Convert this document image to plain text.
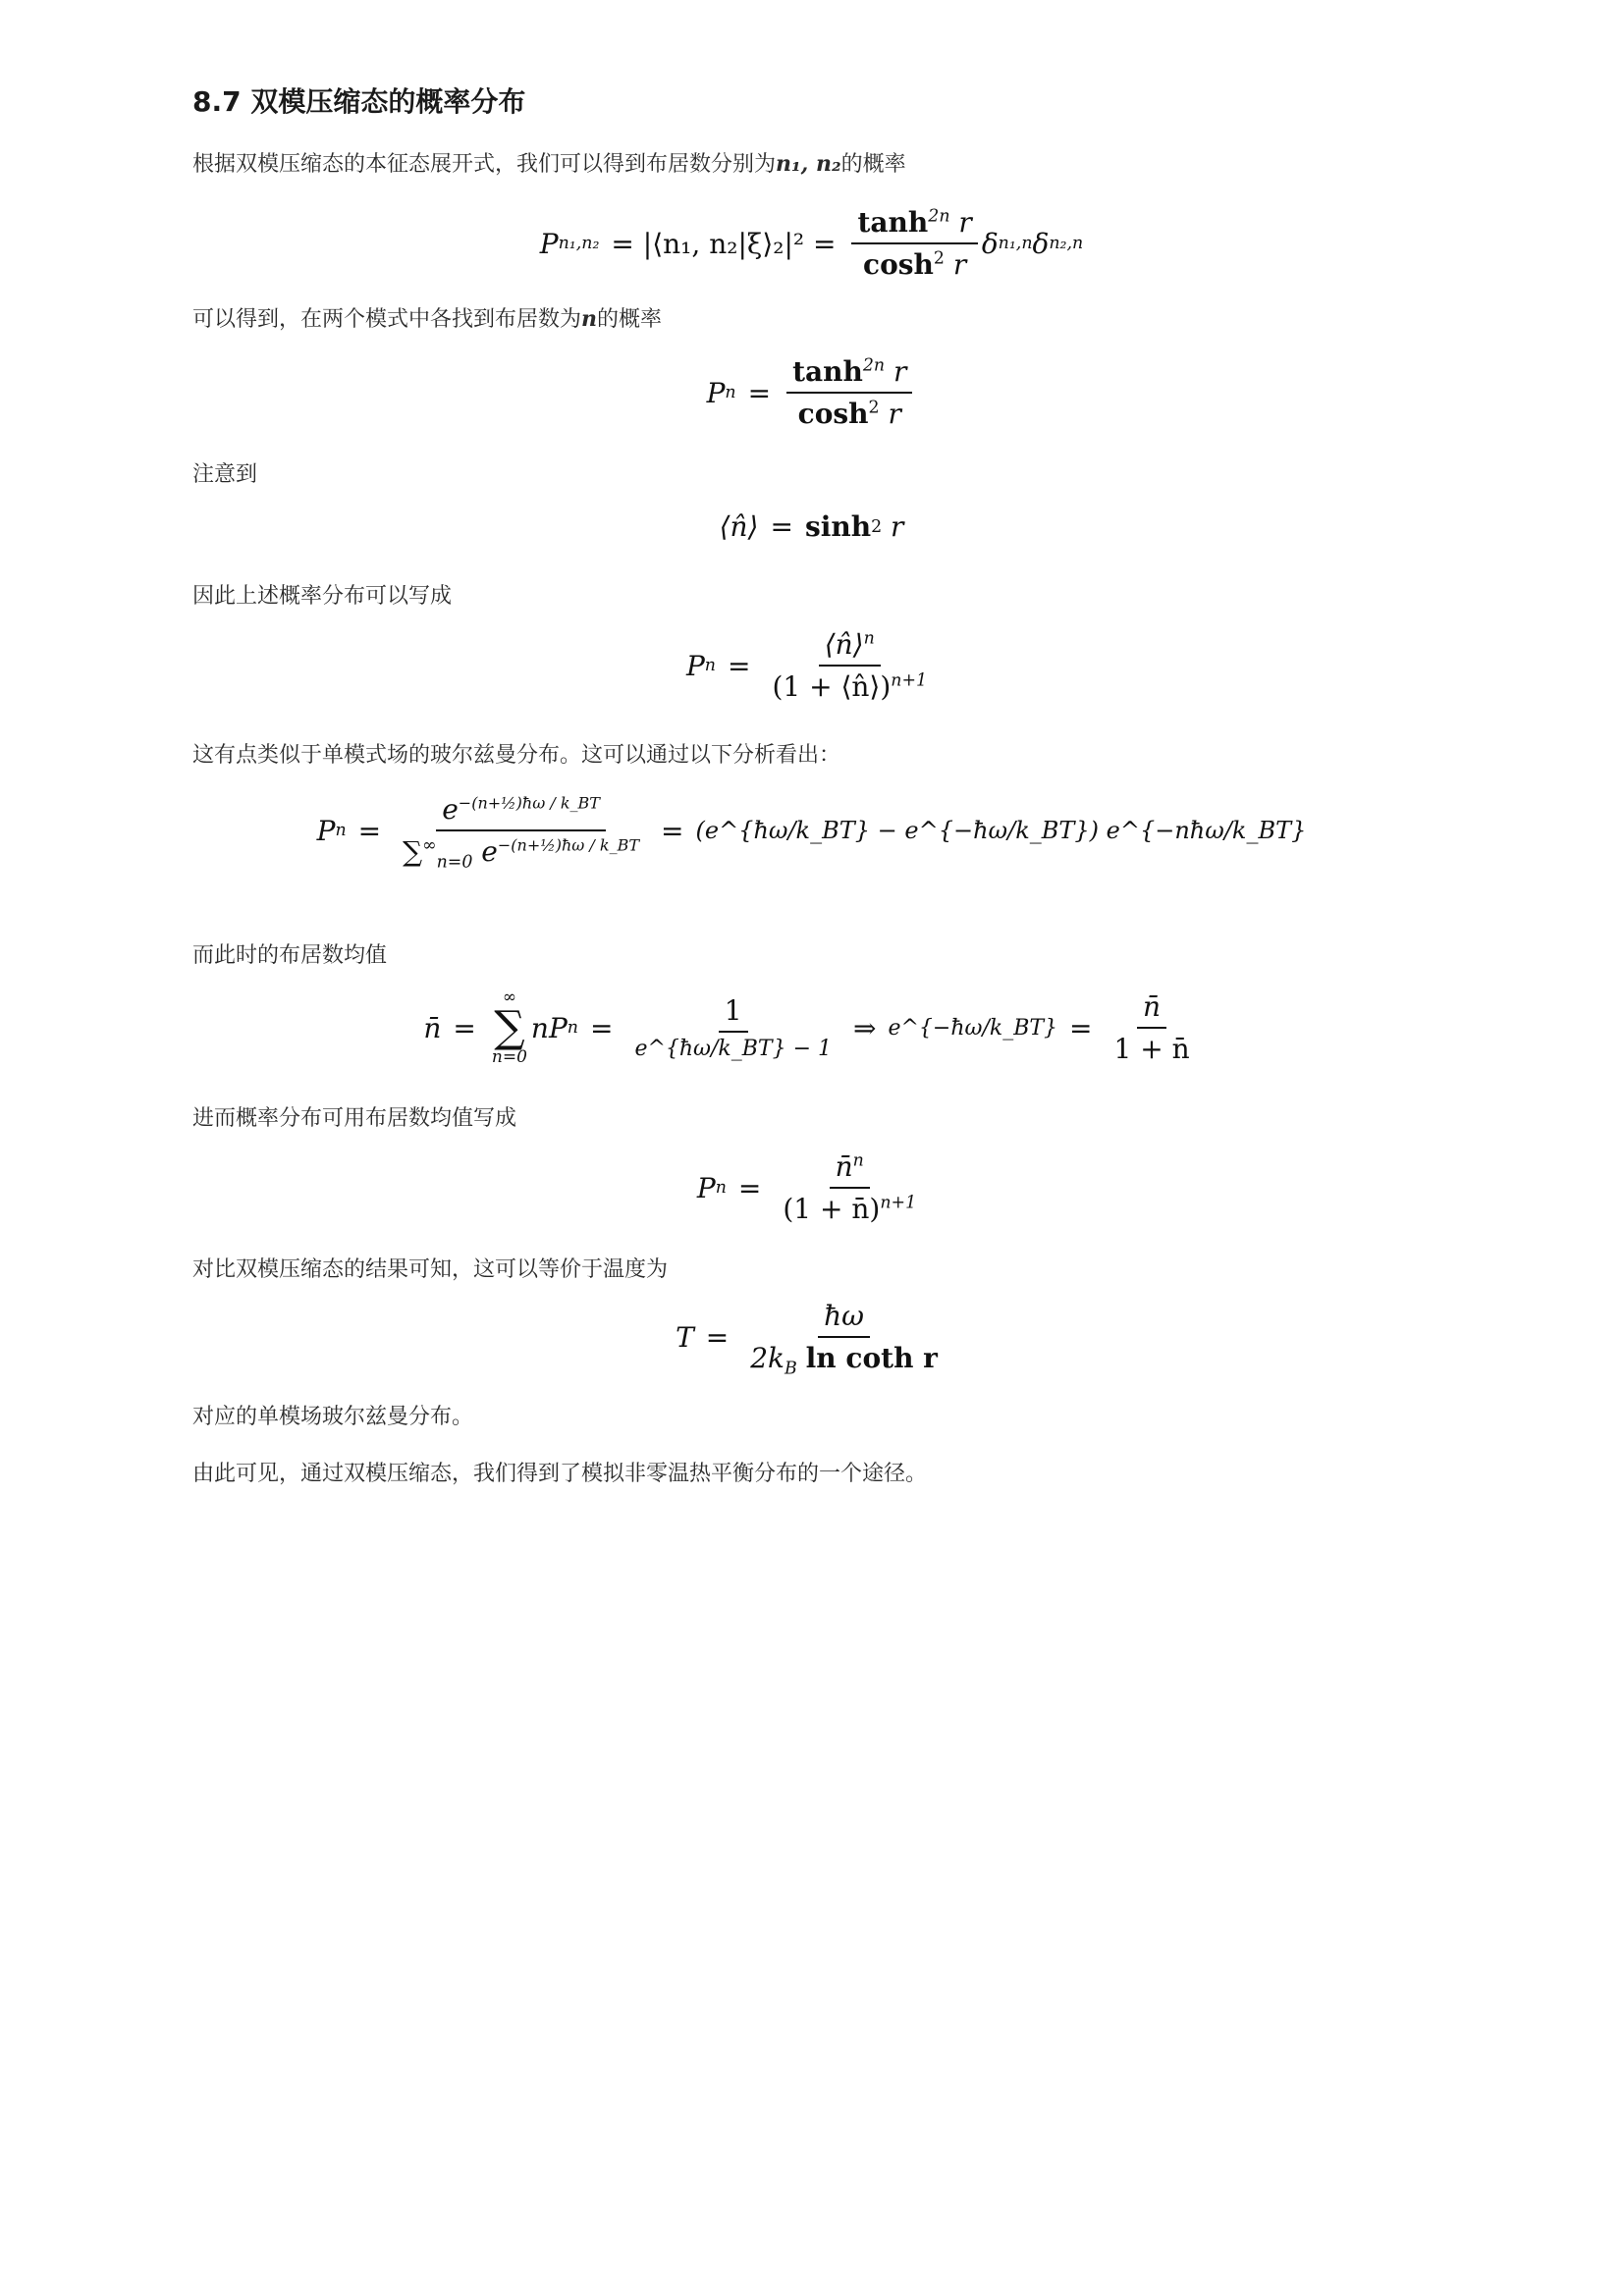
8.7 双模压缩态的概率分布
根据双模压缩态的本征态展开式，我们可以得到布居数分别为n₁, n₂的概率
P n₁,n₂ = |⟨n₁, n₂|ξ⟩₂|² = $\frac{\tanh^{2n} r}{\cosh^2 r}$ δ n₁,n δ n₂,n
可以得到，在两个模式中各找到布居数为n的概率
P $n = \frac{\tanh^{2n} r}{\cosh^2 r}$
注意到
⟨n̂⟩ = sinh 2
r
因此上述概率分布可以写成
P $n = \frac{⟨n̂⟩^n}{(1 + ⟨n̂⟩)^{n+1}}$
这有点类似于单模式场的玻尔兹曼分布。这可以通过以下分析看出：
P $n = \frac{e^{-(n+\frac{1}{2})ħ\omega / k\_BT}}{\sum^\infty_{n=0} e^{-(n+\frac{1}{2})ħ\omega / k\_BT}}$ = (e^{ħω/k_BT} − e^{−ħω/k_BT}) e^{−nħω/k_BT}
而此时的布居数均值
n̄ =
∞
∑
n=0
nP $n = \frac{1}{e\^{}\{ħ\omega/k\_BT\} - 1}$ ⇒ e^{−ħω/k_BT} = $\frac{n̄}{1 + n̄}$
进而概率分布可用布居数均值写成
P $n = \frac{n̄^n}{(1 + n̄)^{n+1}}$
对比双模压缩态的结果可知，这可以等价于温度为
$T = \frac{ħ\omega}{2k_B \ln \cot h r}$
对应的单模场玻尔兹曼分布。
由此可见，通过双模压缩态，我们得到了模拟非零温热平衡分布的一个途径。
